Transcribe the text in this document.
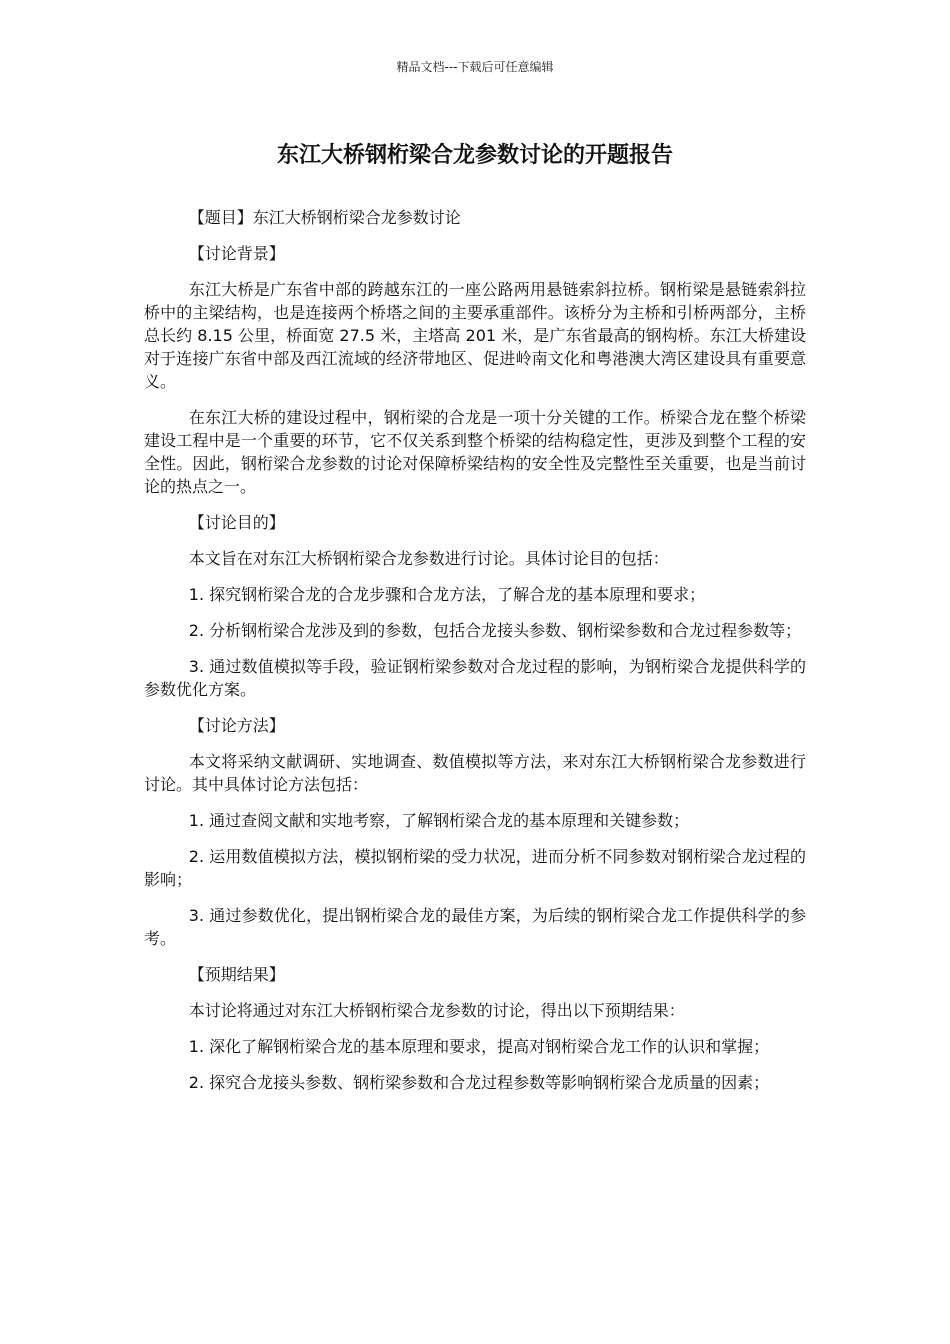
精品文档---下载后可任意编辑
东江大桥钢桁梁合龙参数讨论的开题报告

【题目】东江大桥钢桁梁合龙参数讨论

【讨论背景】

东江大桥是广东省中部的跨越东江的一座公路两用悬链索斜拉桥。钢桁梁是悬链索斜拉桥中的主梁结构，也是连接两个桥塔之间的主要承重部件。该桥分为主桥和引桥两部分，主桥总长约 8.15 公里，桥面宽 27.5 米，主塔高 201 米，是广东省最高的钢构桥。东江大桥建设对于连接广东省中部及西江流域的经济带地区、促进岭南文化和粤港澳大湾区建设具有重要意义。

在东江大桥的建设过程中，钢桁梁的合龙是一项十分关键的工作。桥梁合龙在整个桥梁建设工程中是一个重要的环节，它不仅关系到整个桥梁的结构稳定性，更涉及到整个工程的安全性。因此，钢桁梁合龙参数的讨论对保障桥梁结构的安全性及完整性至关重要，也是当前讨论的热点之一。

【讨论目的】

本文旨在对东江大桥钢桁梁合龙参数进行讨论。具体讨论目的包括：

1. 探究钢桁梁合龙的合龙步骤和合龙方法，了解合龙的基本原理和要求；

2. 分析钢桁梁合龙涉及到的参数，包括合龙接头参数、钢桁梁参数和合龙过程参数等；

3. 通过数值模拟等手段，验证钢桁梁参数对合龙过程的影响，为钢桁梁合龙提供科学的参数优化方案。

【讨论方法】

本文将采纳文献调研、实地调查、数值模拟等方法，来对东江大桥钢桁梁合龙参数进行讨论。其中具体讨论方法包括：

1. 通过查阅文献和实地考察，了解钢桁梁合龙的基本原理和关键参数；

2. 运用数值模拟方法，模拟钢桁梁的受力状况，进而分析不同参数对钢桁梁合龙过程的影响；

3. 通过参数优化，提出钢桁梁合龙的最佳方案，为后续的钢桁梁合龙工作提供科学的参考。

【预期结果】

本讨论将通过对东江大桥钢桁梁合龙参数的讨论，得出以下预期结果：

1. 深化了解钢桁梁合龙的基本原理和要求，提高对钢桁梁合龙工作的认识和掌握；

2. 探究合龙接头参数、钢桁梁参数和合龙过程参数等影响钢桁梁合龙质量的因素；
